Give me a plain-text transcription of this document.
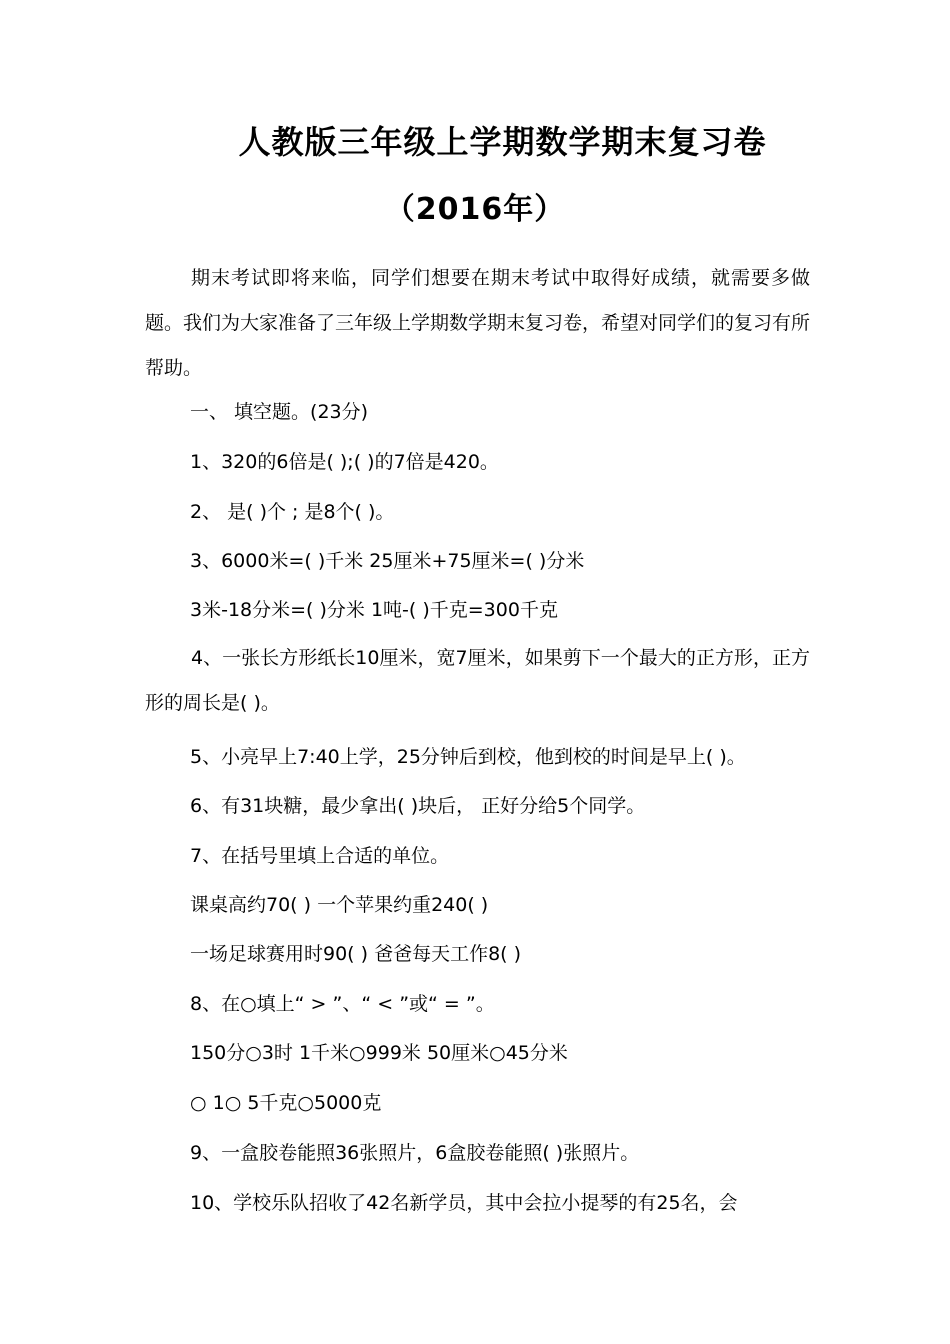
人教版三年级上学期数学期末复习卷
（2016年）

期末考试即将来临，同学们想要在期末考试中取得好成绩，就需要多做题。我们为大家准备了三年级上学期数学期末复习卷，希望对同学们的复习有所帮助。

一、 填空题。(23分)

1、320的6倍是( );( )的7倍是420。

2、 是( )个 ; 是8个( )。

3、6000米=( )千米 25厘米+75厘米=( )分米

3米-18分米=( )分米 1吨-( )千克=300千克

4、一张长方形纸长10厘米，宽7厘米，如果剪下一个最大的正方形，正方形的周长是( )。

5、小亮早上7:40上学，25分钟后到校，他到校的时间是早上( )。

6、有31块糖，最少拿出( )块后， 正好分给5个同学。

7、在括号里填上合适的单位。

课桌高约70( ) 一个苹果约重240( )

一场足球赛用时90( ) 爸爸每天工作8( )

8、在○填上“ > ”、“ < ”或“ = ”。

150分○3时 1千米○999米 50厘米○45分米

○ 1○ 5千克○5000克

9、一盒胶卷能照36张照片，6盒胶卷能照( )张照片。

10、学校乐队招收了42名新学员，其中会拉小提琴的有25名，会
